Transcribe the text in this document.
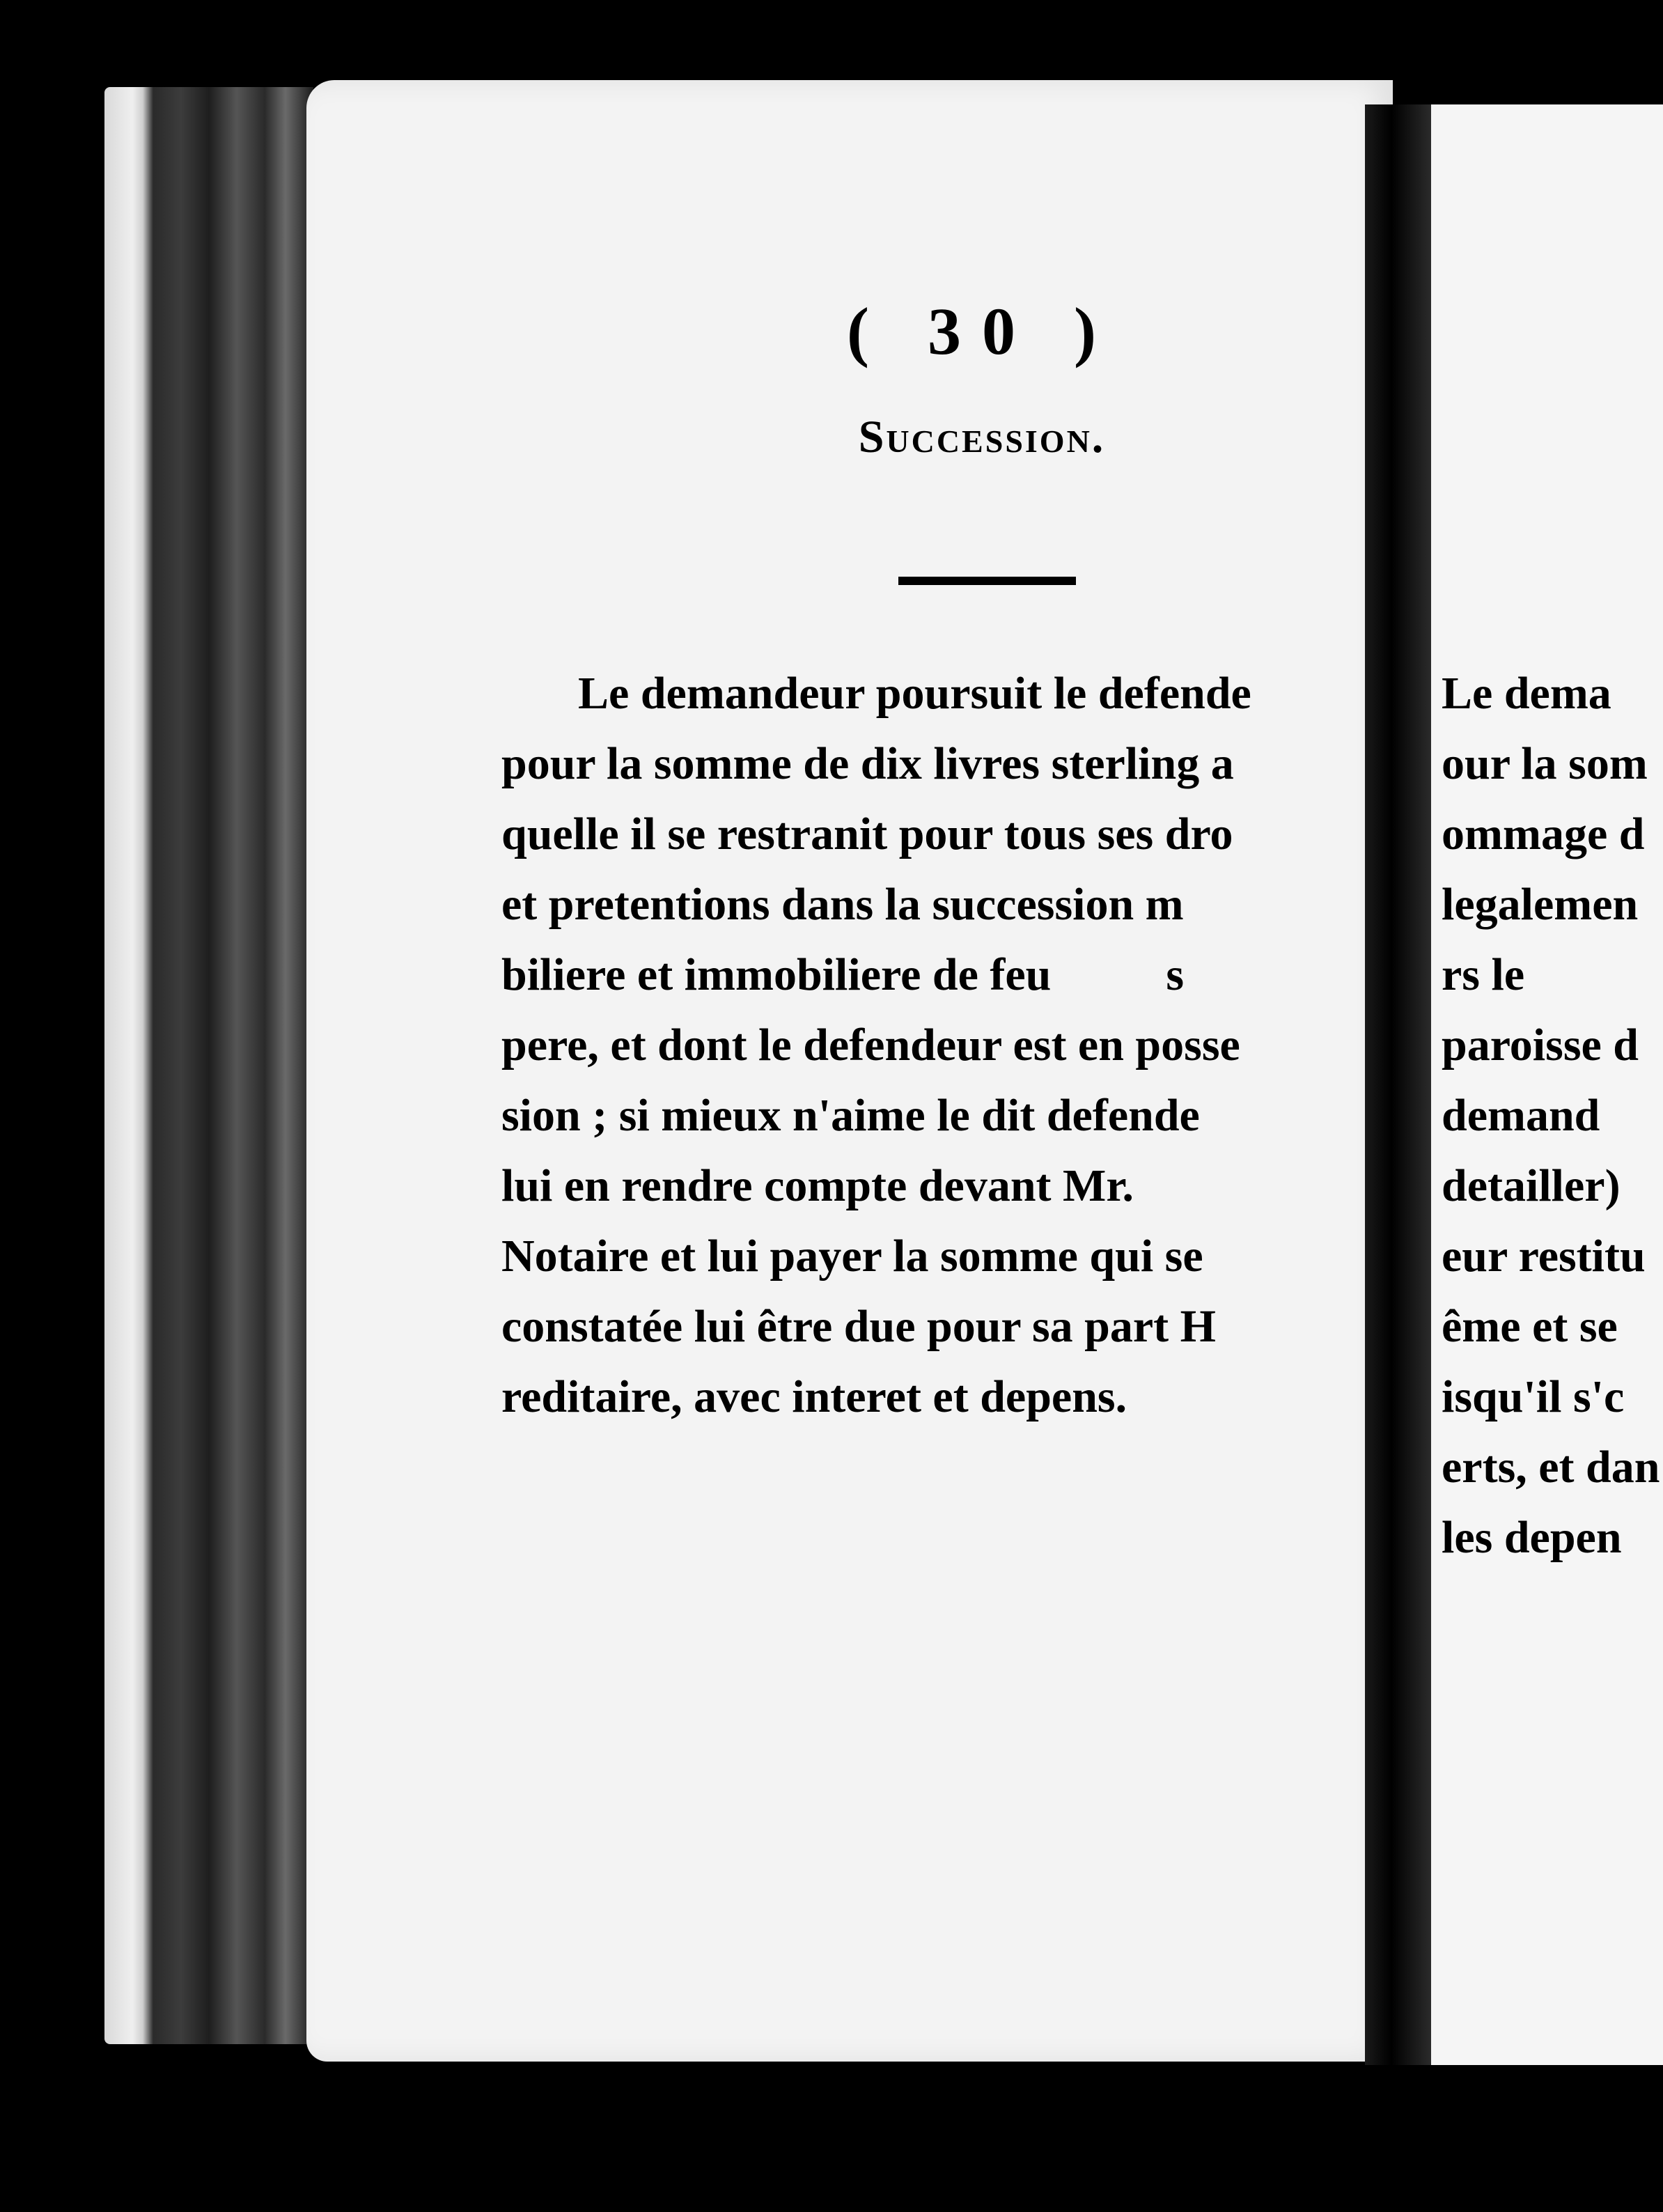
( 30 )
Succession.
Le demandeur poursuit le defende
pour la somme de dix livres sterling a
quelle il se restranit pour tous ses dro
et pretentions dans la succession m
biliere et immobiliere de feu          s
pere, et dont le defendeur est en posse
sion ; si mieux n'aime le dit defende
lui en rendre compte devant Mr.
Notaire et lui payer la somme qui se
constatée lui être due pour sa part H
reditaire, avec interet et depens.
Le dema
our la som
ommage d
legalemen
rs le
paroisse d
demand
detailler)
eur restitu
ême et se
isqu'il s'c
erts, et dan
les depen
